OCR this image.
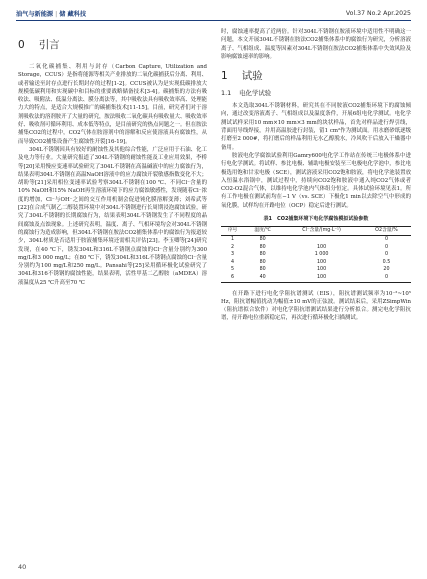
油气与新能源 | 储 藏科技	Vol.37 No.2 Apr.2025
0 引言

二氧化碳捕集、利用与封存（Carbon Capture, Utilization and Storage，CCUS）是指将能源等相关产业排放的二氧化碳捕获后分离、利用、或者输送至封存点进行长期封存的过程[1-2]。CCUS被认为是实现低碳排放大规模低碳利用和实现碳中和目标的重要战略储备技术[3-4]。碳捕集的方法有吸收法、吸附法、低温分离法、膜分离法等，其中吸收法具有吸收效率高、处理能力大的特点，是适合大规模推广的碳捕集技术[11-15]。目前，研究者们对于溶剂吸收法的溶剂胺开了大量的研究，胺法吸收二氧化碳具有吸收量大、吸收效率好、吸收剂可循环利用、成本低等特点，是目前研究的热点问题之一。但在胺法捕集CO2的过程中，CO2气体在胺溶剂中的溶解和反应使溶液具有腐蚀性，从而导致CO2捕集设备产生腐蚀性开裂[16-19]。

304L不锈钢因具有较好的耐蚀性及其他综合性能，广泛应用于石油、化工及电力等行业。大量研究报道了304L不锈钢的耐蚀性能及工业应用效果，李桥等[20]采用慢应变速率试验研究了304L不锈钢在高温碱液中的应力腐蚀行为，结果表明304L不锈钢在高温NaOH溶液中的应力腐蚀开裂敏感指数变化不大；胡盼等[21]采用相位变速率试验考察304L不锈钢在100 ℃、不同Cl⁻含量的10% NaOH和15% NaOH再生溶液环境下的应力腐蚀敏感性，发现随着Cl⁻浓度的增加，Cl⁻与OH⁻之间的交互作用机制会促进钝化膜溶解变薄；刘希武等[22]在合成气制乙二醇装置环境中对304L不锈钢进行长周期浸泡腐蚀试验，研究了304L不锈钢的长期腐蚀行为，结果表明304L不锈钢发生了不同程度的晶间腐蚀及点蚀现象。上述研究表明，温度、离子、气相环境均会对304L不锈钢的腐蚀行为造成影响，但304L不锈钢在胺法CO2捕集体系中的腐蚀行为报道较少，304L材质是否适用于胺液捕集环境还需相关评估[23]。李玉卿等[24]研究发现，在40 ℃下，锈发304L和316L不锈钢点腐蚀的Cl⁻含量分别约为300 mg/L和3 000 mg/L；在80 ℃下，锈发304L和316L不锈钢点腐蚀的Cl⁻含量分别约为100 mg/L和250 mg/L。Pansahi等[25]采用循环极化试验研究了304L和316不锈钢的腐蚀性能，结果表明，活性甲基二乙醇胺（aMDEA）溶液温度从25 ℃升高至70 ℃

时，腐蚀速率提高了近两倍。针对304L不锈钢在胺液环境中适用性不明确这一问题，本文开展304L不锈钢在胺法CO2捕集体系中的腐蚀行为研究，分析溶液离子、气相组成、温度等因素对304L不锈钢在胺法CO2捕集体系中失效风险及影响腐蚀速率的影响。

1 试验
1.1 电化学试验

本文选取304L不锈钢材料，研究其在不同胺液CO2捕集环境下的腐蚀倾向，通过改变溶液离子、气相组成以及温度条件，开展6组电化学测试。电化学测试试样采用10 mm×10 mm×3 mm的块状样品，首先对样品进行焊引线，背面用导线焊接，并用高温胶进行封装，留1 cm²作为测试面。用水磨砂纸逐级打磨至2 000#，将打磨后的样品利用无水乙醇脱水，冷风吹干后放入干燥器中备用。

胺液电化学腐蚀试验利用Gamry600电化学工作站在传统三电极体系中进行电化学测试。将试样、参比电极、辅助电极安装至三电极电化学池中，参比电极选用饱和甘汞电极（SCE），测试溶液采用CO2饱和胺液，将电化学池装置放入恒温水浴锅中，测试过程中，持续向CO2饱和胺液中通入纯CO2气体或者CO2-O2混合气体，以维持电化学池内气体组分恒定。具体试验环境见表1。所有工作电极在测试前均在−1 V（vs. SCE）下极化1 min以去除空气中形成的氧化膜，试样均在开路电位（OCP）稳定后进行测试。

表1　CO2捕集环境下电化学腐蚀模拟试验参数
序号	温度/℃	Cl⁻含量/(mg·L⁻¹)	O2含量/%
1	80		0
2	80	100	0
3	80	1 000	0
4	80	100	0.5
5	80	100	20
6	40	100	0

在开路下进行电化学阻抗谱测试（EIS），阻抗谱测试频率为10⁻²~10⁵ Hz，阻抗谱幅值扰动为幅值±10 mV的正弦波。测试结束后，采用ZSimpWin（阻抗谱拟合软件）对电化学阻抗谱测试结果进行分析拟合。测完电化学阻抗谱，待开路电位重新稳定后，再次进行循环极化扫描测试。

40
